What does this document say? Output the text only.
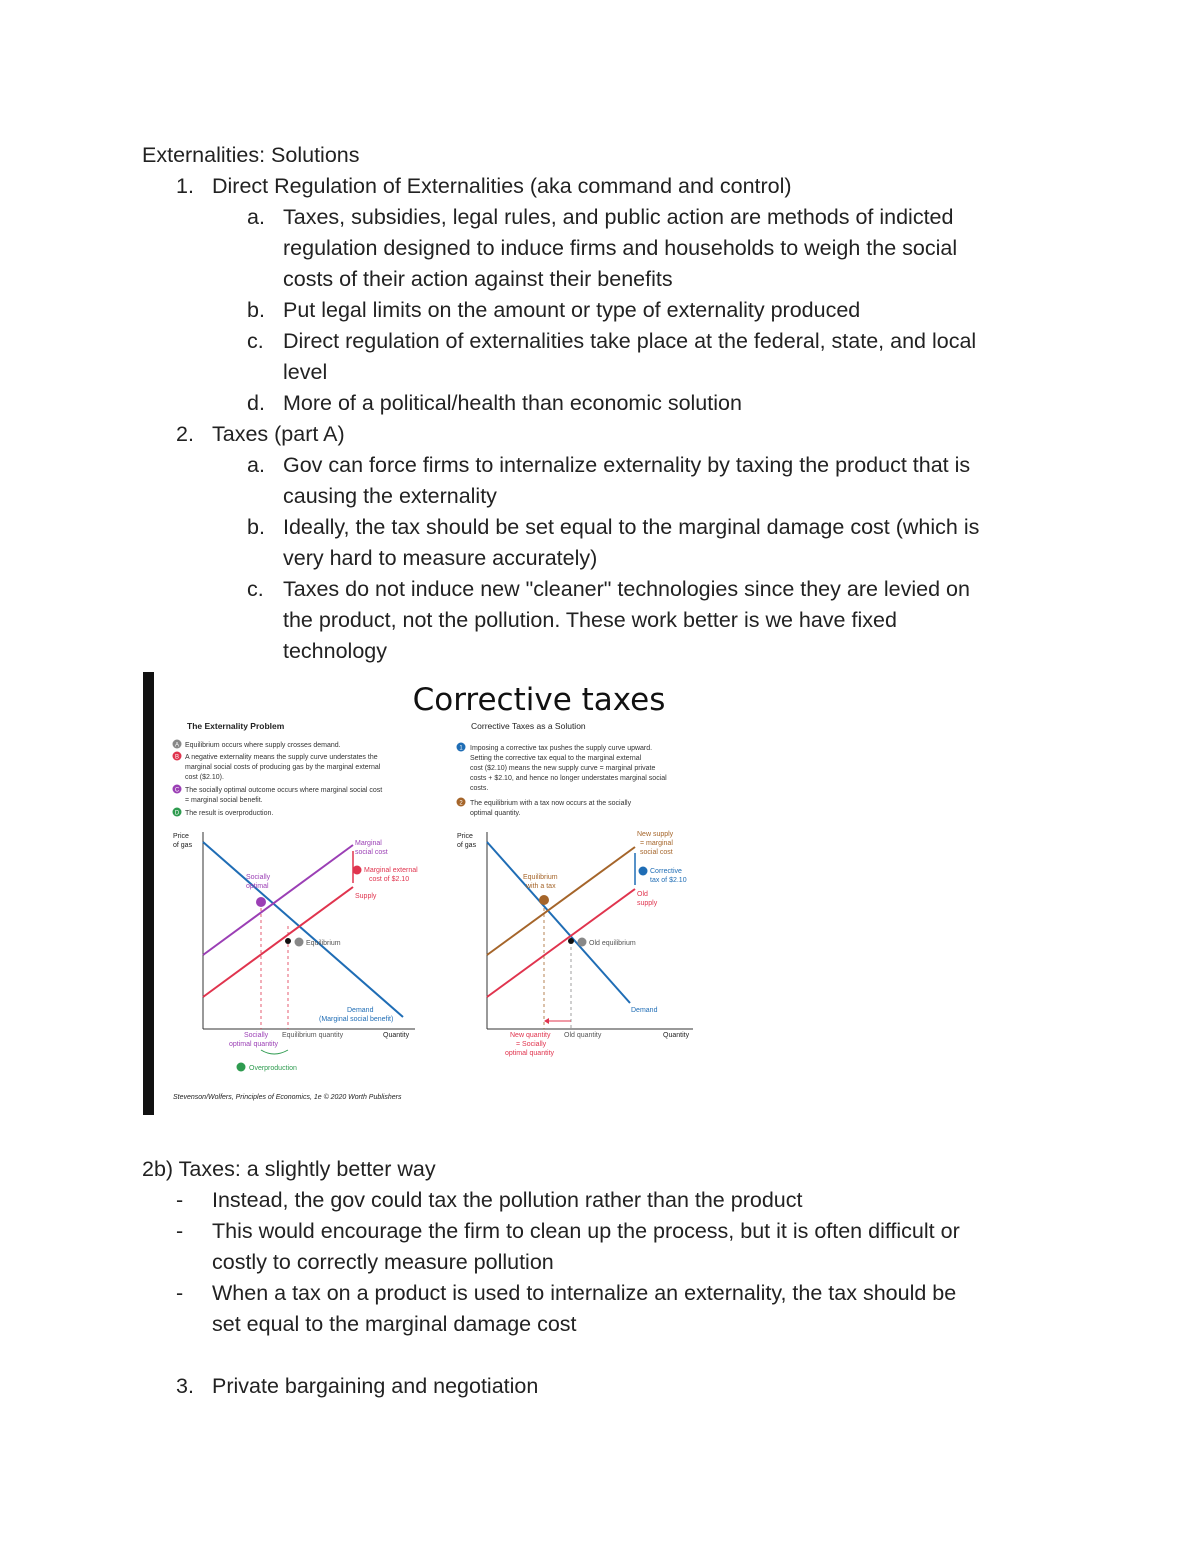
Externalities: Solutions
1. Direct Regulation of Externalities (aka command and control)
a. Taxes, subsidies, legal rules, and public action are methods of indicted
regulation designed to induce firms and households to weigh the social
costs of their action against their benefits
b. Put legal limits on the amount or type of externality produced
c. Direct regulation of externalities take place at the federal, state, and local
level
d. More of a political/health than economic solution
2. Taxes (part A)
a. Gov can force firms to internalize externality by taxing the product that is
causing the externality
b. Ideally, the tax should be set equal to the marginal damage cost (which is
very hard to measure accurately)
c. Taxes do not induce new "cleaner" technologies since they are levied on
the product, not the pollution. These work better is we have fixed
technology
Corrective taxes
The Externality Problem
A Equilibrium occurs where supply crosses demand.
B A negative externality means the supply curve understates the
marginal social costs of producing gas by the marginal external
cost ($2.10).
C The socially optimal outcome occurs where marginal social cost
= marginal social benefit.
D The result is overproduction.
Price
of gas
Equilibrium
Marginal
social cost
Marginal external
cost of $2.10
Supply
Socially
optimal
Demand
(Marginal social benefit)
Quantity
Socially
optimal quantity
Equilibrium quantity
Overproduction
Corrective Taxes as a Solution
1 Imposing a corrective tax pushes the supply curve upward.
Setting the corrective tax equal to the marginal external
cost ($2.10) means the new supply curve = marginal private
costs + $2.10, and hence no longer understates marginal social
costs.
2 The equilibrium with a tax now occurs at the socially
optimal quantity.
Price
of gas
Old equilibrium
New supply
= marginal
social cost
Corrective
tax of $2.10
Old
supply
Equilibrium
with a tax
Demand
Quantity
New quantity
= Socially
optimal quantity
Old quantity
Stevenson/Wolfers, Principles of Economics, 1e © 2020 Worth Publishers
2b) Taxes: a slightly better way
- Instead, the gov could tax the pollution rather than the product
- This would encourage the firm to clean up the process, but it is often difficult or
costly to correctly measure pollution
- When a tax on a product is used to internalize an externality, the tax should be
set equal to the marginal damage cost
3. Private bargaining and negotiation
